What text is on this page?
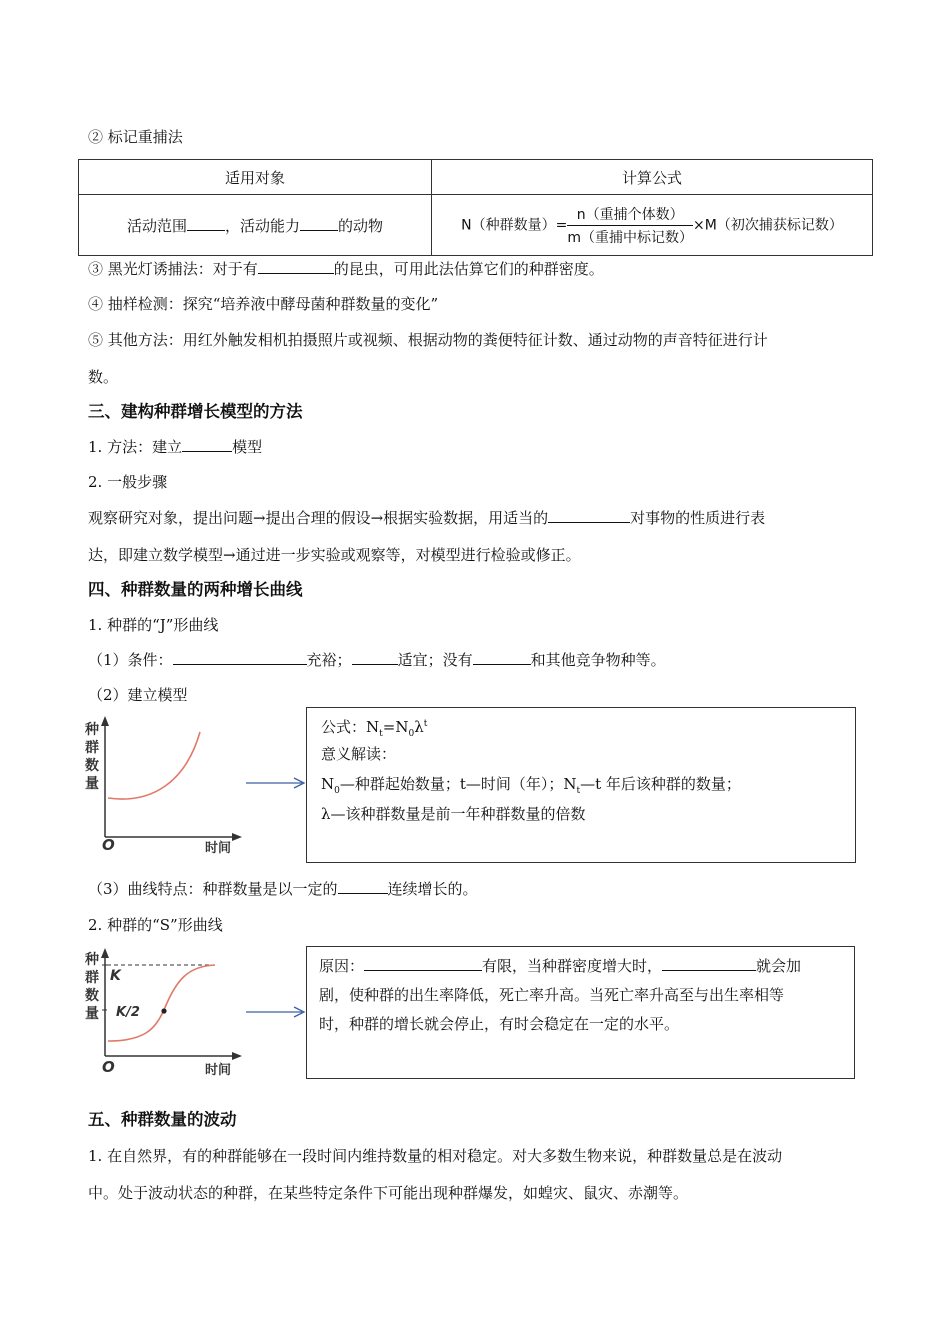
② 标记重捕法
适用对象	计算公式
活动范围 ，活动能力 的动物	N（种群数量）= $\frac{\text{n（重捕个体数）}}{\text{m（重捕中标记数）}} \times M$（初次捕获标记数）
③ 黑光灯诱捕法：对于有	的昆虫，可用此法估算它们的种群密度。
④ 抽样检测：探究“培养液中酵母菌种群数量的变化”
⑤ 其他方法：用红外触发相机拍摄照片或视频、根据动物的粪便特征计数、通过动物的声音特征进行计
数。
三、建构种群增长模型的方法
1. 方法：建立	模型
2. 一般步骤
观察研究对象，提出问题→提出合理的假设→根据实验数据，用适当的	对事物的性质进行表
达，即建立数学模型→通过进一步实验或观察等，对模型进行检验或修正。
四、种群数量的两种增长曲线
1. 种群的“J”形曲线
（1）条件：	充裕；	适宜；没有	和其他竞争物种等。
（2）建立模型
种
群
数
量
O	时间
公式：$N_t=N_0\lambda^t$
意义解读：
$N_0—$种群起始数量；t—时间（年）；$N_t—t$ 年后该种群的数量；
λ—该种群数量是前一年种群数量的倍数
（3）曲线特点：种群数量是以一定的	连续增长的。
2. 种群的“S”形曲线
种
群
数
量
K
K/2
O	时间
原因：	有限，当种群密度增大时，	就会加
剧，使种群的出生率降低，死亡率升高。当死亡率升高至与出生率相等
时，种群的增长就会停止，有时会稳定在一定的水平。
五、种群数量的波动
1. 在自然界，有的种群能够在一段时间内维持数量的相对稳定。对大多数生物来说，种群数量总是在波动
中。处于波动状态的种群，在某些特定条件下可能出现种群爆发，如蝗灾、鼠灾、赤潮等。
